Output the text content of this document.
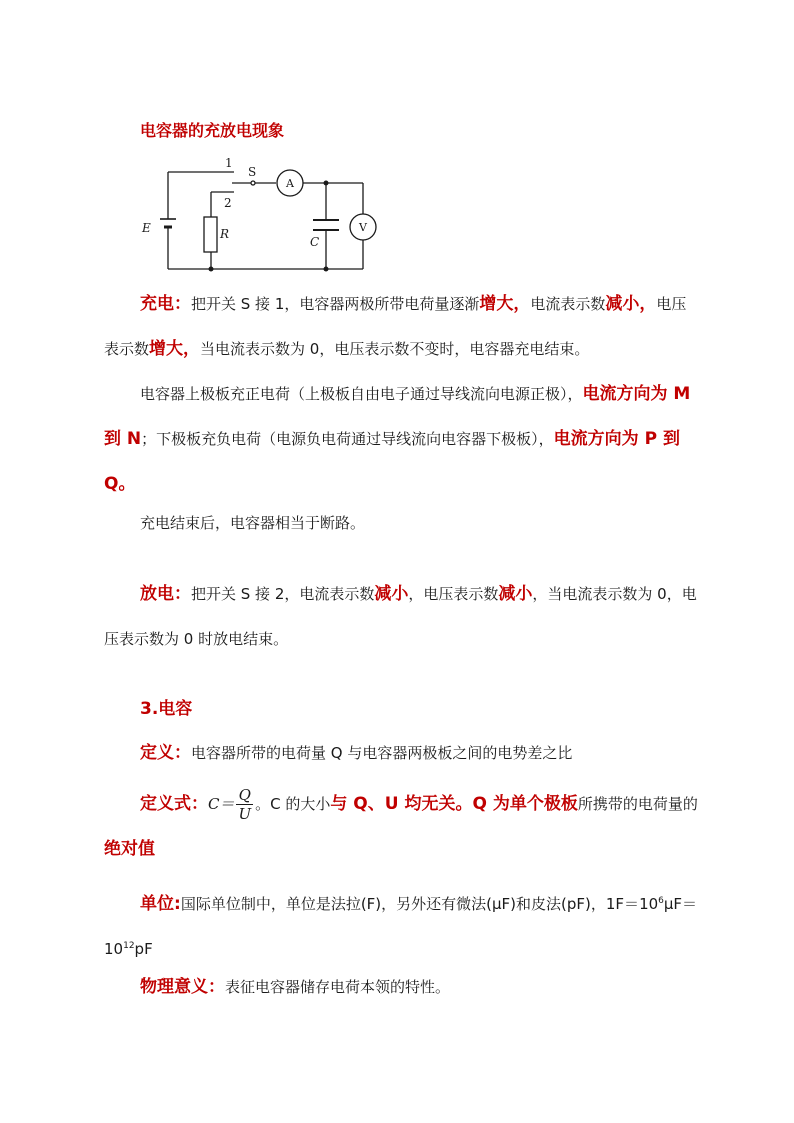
电容器的充放电现象
1
S
2
A
V
E	R
C
充电：把开关 S 接 1，电容器两极所带电荷量逐渐增大，电流表示数减小，电压表示数增大，当电流表示数为 0，电压表示数不变时，电容器充电结束。
电容器上极板充正电荷（上极板自由电子通过导线流向电源正极），电流方向为 M 到 N；下极板充负电荷（电源负电荷通过导线流向电容器下极板），电流方向为 P 到 Q。
充电结束后，电容器相当于断路。
放电：把开关 S 接 2，电流表示数减小，电压表示数减小，当电流表示数为 0，电压表示数为 0 时放电结束。
3.电容
定义：电容器所带的电荷量 Q 与电容器两极板之间的电势差之比
定义式：$C= \frac{Q}{U}$ 。C 的大小与 Q、U 均无关。Q 为单个极板所携带的电荷量的绝对值
单位:国际单位制中，单位是法拉(F)，另外还有微法(μF)和皮法(pF)，$1F=10^6\mu F=10^{12}pF$
物理意义：表征电容器储存电荷本领的特性。
